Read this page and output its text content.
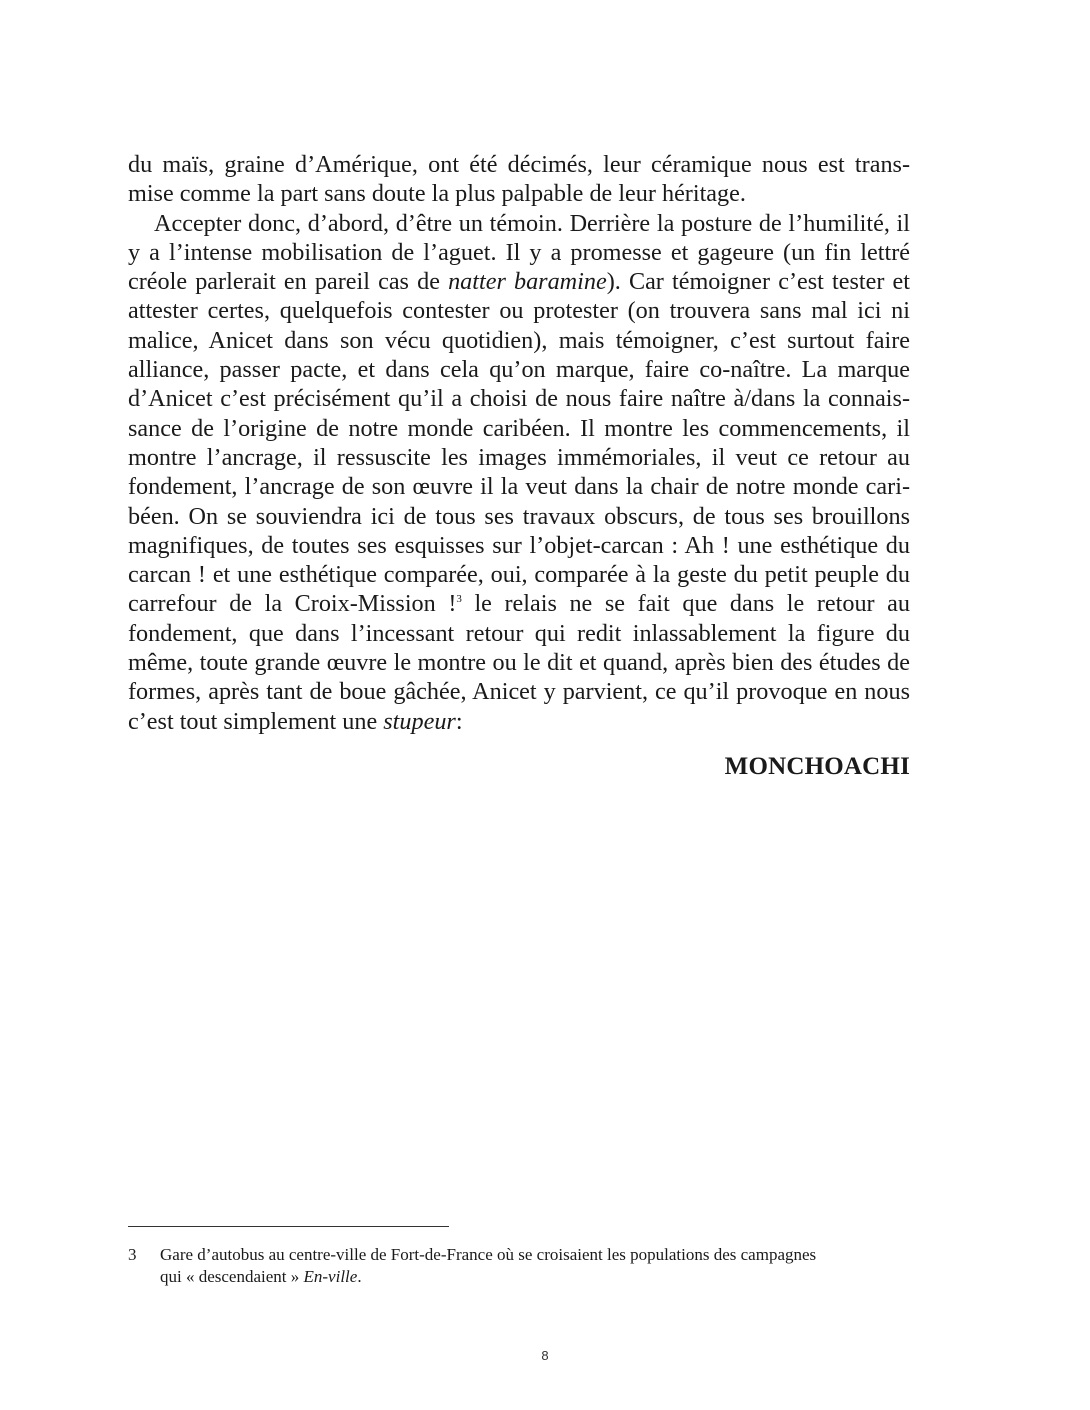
du maïs, graine d’Amérique, ont été décimés, leur céramique nous est trans- mise comme la part sans doute la plus palpable de leur héritage.

Accepter donc, d’abord, d’être un témoin. Derrière la posture de l’humilité, il y a l’intense mobilisation de l’aguet. Il y a promesse et gageure (un fin lettré créole parlerait en pareil cas de natter baramine). Car témoigner c’est tester et attester certes, quelquefois contester ou protester (on trouvera sans mal ici ni malice, Anicet dans son vécu quotidien), mais témoigner, c’est surtout faire alliance, passer pacte, et dans cela qu’on marque, faire co-naître. La marque d’Anicet c’est précisément qu’il a choisi de nous faire naître à/dans la connaissance de l’origine de notre monde caribéen. Il montre les commencements, il montre l’ancrage, il ressuscite les images immémoriales, il veut ce retour au fondement, l’ancrage de son œuvre il la veut dans la chair de notre monde caribéen. On se souviendra ici de tous ses travaux obscurs, de tous ses brouillons magnifiques, de toutes ses esquisses sur l’objet-carcan : Ah ! une esthétique du carcan ! et une esthétique comparée, oui, comparée à la geste du petit peuple du carrefour de la Croix-Mission !$^3$ le relais ne se fait que dans le retour au fondement, que dans l’incessant retour qui redit inlassablement la figure du même, toute grande œuvre le montre ou le dit et quand, après bien des études de formes, après tant de boue gâchée, Anicet y parvient, ce qu’il provoque en nous c’est tout simplement une stupeur:

MONCHOACHI
3 Gare d’autobus au centre-ville de Fort-de-France où se croisaient les populations des campagnes
qui « descendaient » En-ville.
8
